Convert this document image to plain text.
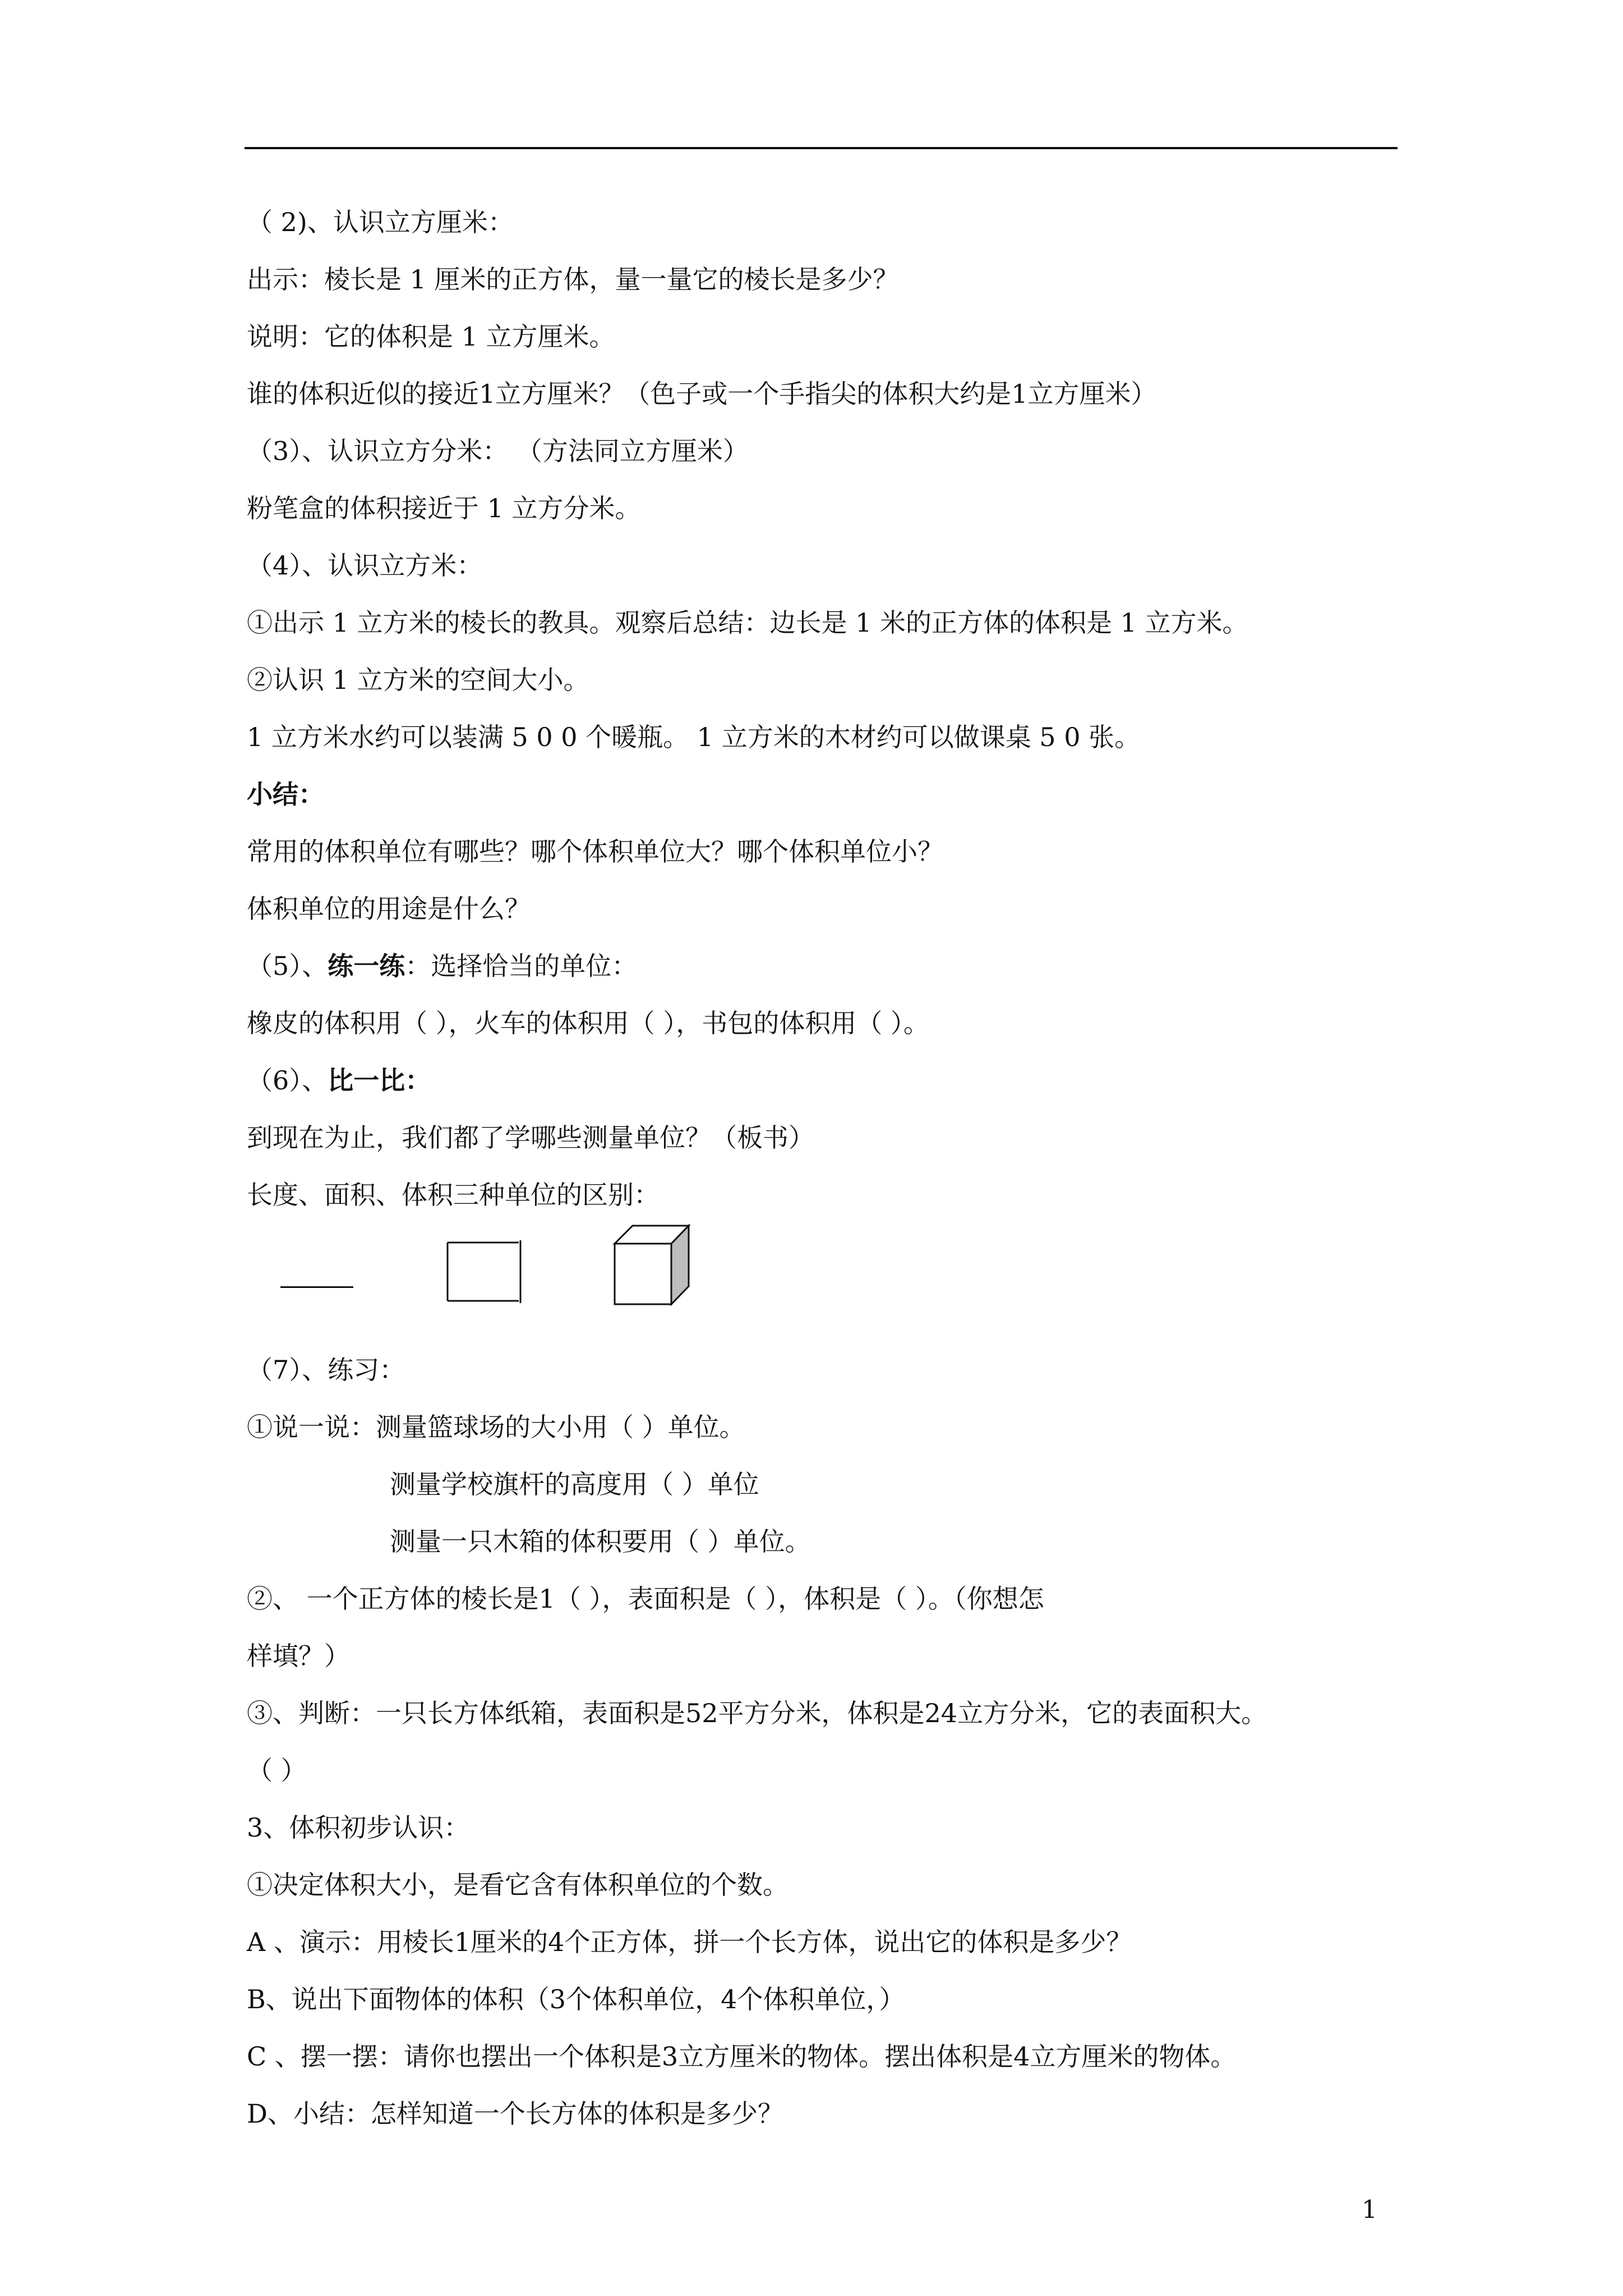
（ 2)、认识立方厘米：
出示：棱长是 1 厘米的正方体，量一量它的棱长是多少？
说明：它的体积是 1 立方厘米。
谁的体积近似的接近1立方厘米？（色子或一个手指尖的体积大约是1立方厘米）
（3）、认识立方分米： （方法同立方厘米）
粉笔盒的体积接近于 1 立方分米。
（4）、认识立方米：
①出示 1 立方米的棱长的教具。观察后总结：边长是 1 米的正方体的体积是 1 立方米。
②认识 1 立方米的空间大小。
1 立方米水约可以装满 5 0 0 个暖瓶。 1 立方米的木材约可以做课桌 5 0 张。
小结：
常用的体积单位有哪些？哪个体积单位大？哪个体积单位小？
体积单位的用途是什么？
（5）、练一练：选择恰当的单位：
橡皮的体积用（ ），火车的体积用（ ），书包的体积用（ ）。
（6）、比一比：
到现在为止，我们都了学哪些测量单位？（板书）
长度、面积、体积三种单位的区别：
（7）、练习：
①说一说：测量篮球场的大小用（ ）单位。
测量学校旗杆的高度用（ ）单位
测量一只木箱的体积要用（ ）单位。
②、 一个正方体的棱长是1（ ），表面积是（ ），体积是（ ）。（你想怎
样填？）
③、判断：一只长方体纸箱，表面积是52平方分米，体积是24立方分米，它的表面积大。
（ ）
3、体积初步认识：
①决定体积大小，是看它含有体积单位的个数。
A 、演示：用棱长1厘米的4个正方体，拼一个长方体，说出它的体积是多少？
B、说出下面物体的体积（3个体积单位，4个体积单位，）
C 、摆一摆：请你也摆出一个体积是3立方厘米的物体。摆出体积是4立方厘米的物体。
D、小结：怎样知道一个长方体的体积是多少？
1
